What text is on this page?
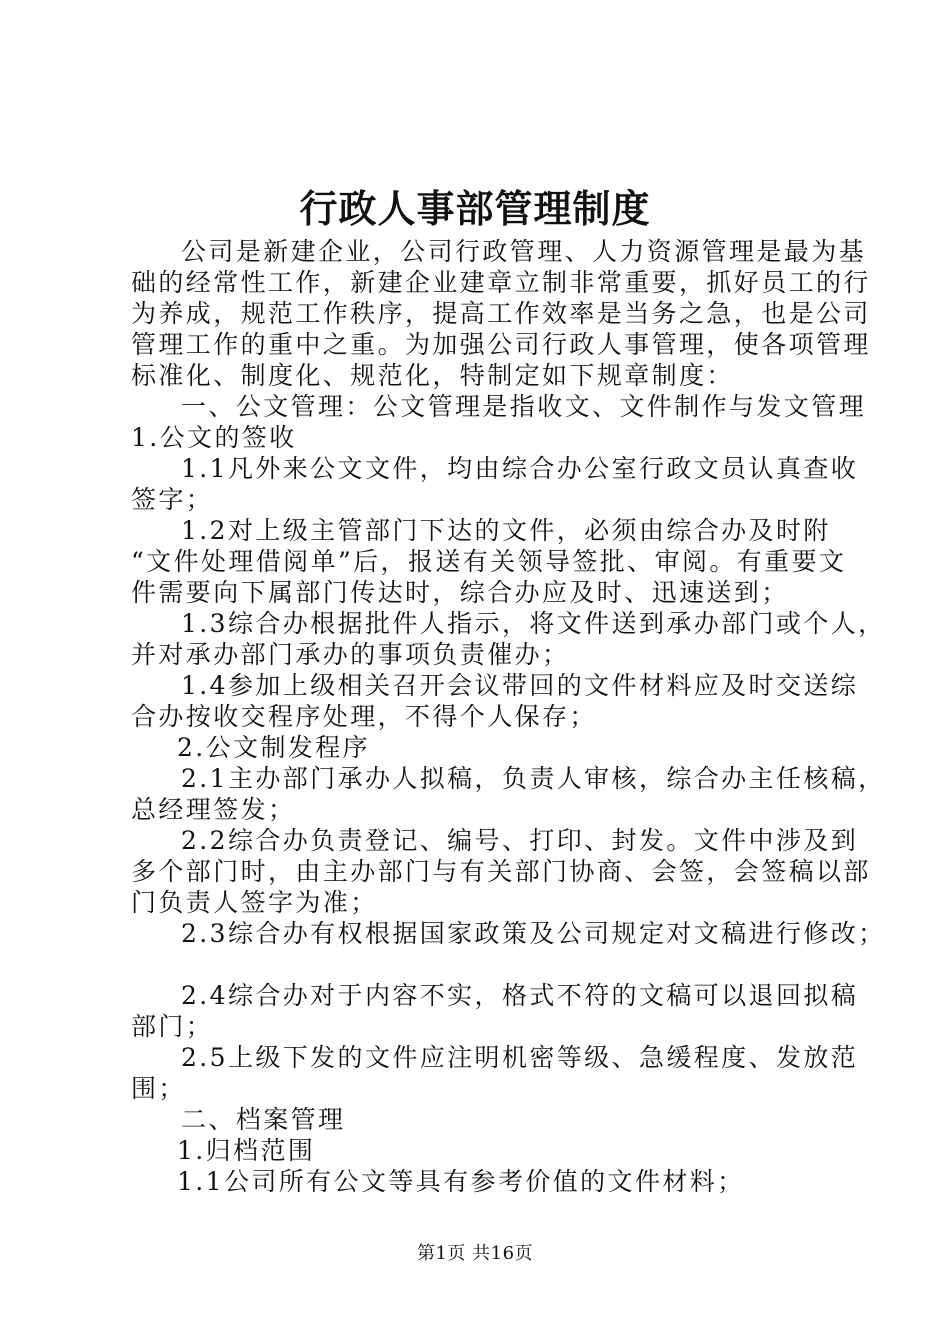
行政人事部管理制度
公司是新建企业，公司行政管理、人力资源管理是最为基
础的经常性工作，新建企业建章立制非常重要，抓好员工的行
为养成，规范工作秩序，提高工作效率是当务之急，也是公司
管理工作的重中之重。为加强公司行政人事管理，使各项管理
标准化、制度化、规范化，特制定如下规章制度：
一、公文管理：公文管理是指收文、文件制作与发文管理
1.公文的签收
1.1凡外来公文文件，均由综合办公室行政文员认真查收
签字；
1.2对上级主管部门下达的文件，必须由综合办及时附
“文件处理借阅单”后，报送有关领导签批、审阅。有重要文
件需要向下属部门传达时，综合办应及时、迅速送到；
1.3综合办根据批件人指示，将文件送到承办部门或个人，
并对承办部门承办的事项负责催办；
1.4参加上级相关召开会议带回的文件材料应及时交送综
合办按收交程序处理，不得个人保存；
2.公文制发程序
2.1主办部门承办人拟稿，负责人审核，综合办主任核稿，
总经理签发；
2.2综合办负责登记、编号、打印、封发。文件中涉及到
多个部门时，由主办部门与有关部门协商、会签，会签稿以部
门负责人签字为准；
2.3综合办有权根据国家政策及公司规定对文稿进行修改；
2.4综合办对于内容不实，格式不符的文稿可以退回拟稿
部门；
2.5上级下发的文件应注明机密等级、急缓程度、发放范
围；
二、档案管理
1.归档范围
1.1公司所有公文等具有参考价值的文件材料；
第1页 共16页
